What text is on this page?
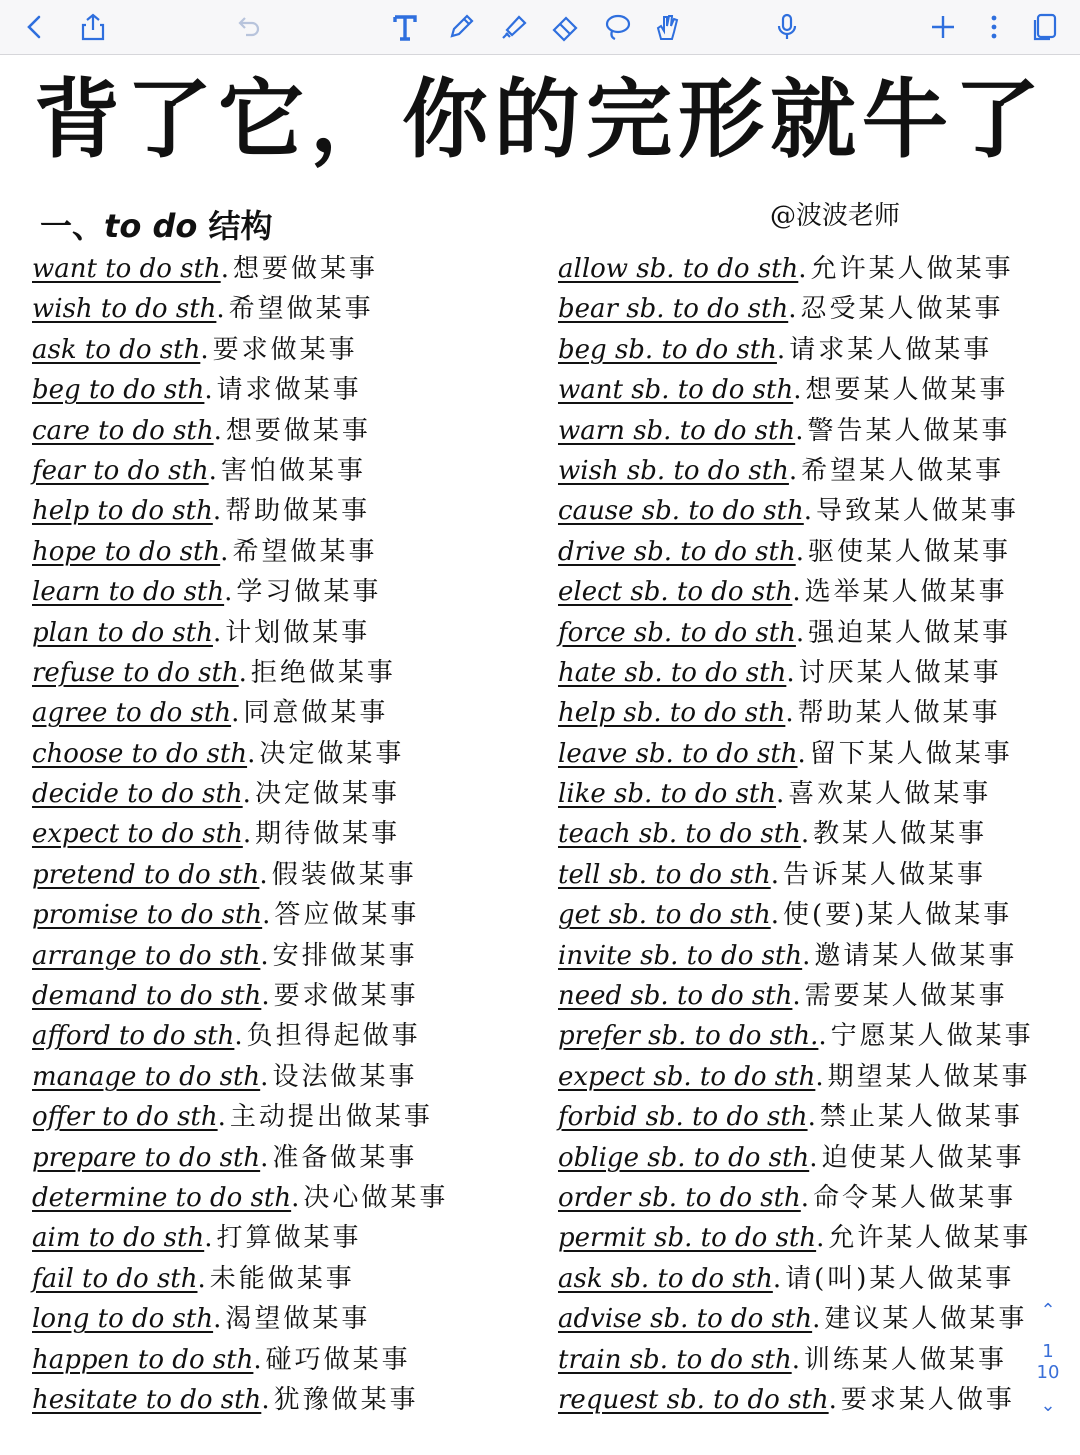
背了它，你的完形就牛了
一、to do 结构	@波波老师
want to do sth . 想要做某事
wish to do sth . 希望做某事
ask to do sth . 要求做某事
beg to do sth . 请求做某事
care to do sth . 想要做某事
fear to do sth . 害怕做某事
help to do sth . 帮助做某事
hope to do sth . 希望做某事
learn to do sth . 学习做某事
plan to do sth . 计划做某事
refuse to do sth . 拒绝做某事
agree to do sth . 同意做某事
choose to do sth . 决定做某事
decide to do sth . 决定做某事
expect to do sth . 期待做某事
pretend to do sth . 假装做某事
promise to do sth . 答应做某事
arrange to do sth . 安排做某事
demand to do sth . 要求做某事
afford to do sth . 负担得起做事
manage to do sth . 设法做某事
offer to do sth . 主动提出做某事
prepare to do sth . 准备做某事
determine to do sth . 决心做某事
aim to do sth . 打算做某事
fail to do sth . 未能做某事
long to do sth . 渴望做某事
happen to do sth . 碰巧做某事
hesitate to do sth . 犹豫做某事
allow sb. to do sth . 允许某人做某事
bear sb. to do sth . 忍受某人做某事
beg sb. to do sth . 请求某人做某事
want sb. to do sth . 想要某人做某事
warn sb. to do sth . 警告某人做某事
wish sb. to do sth . 希望某人做某事
cause sb. to do sth . 导致某人做某事
drive sb. to do sth . 驱使某人做某事
elect sb. to do sth . 选举某人做某事
force sb. to do sth . 强迫某人做某事
hate sb. to do sth . 讨厌某人做某事
help sb. to do sth . 帮助某人做某事
leave sb. to do sth . 留下某人做某事
like sb. to do sth . 喜欢某人做某事
teach sb. to do sth . 教某人做某事
tell sb. to do sth . 告诉某人做某事
get sb. to do sth . 使(要)某人做某事
invite sb. to do sth . 邀请某人做某事
need sb. to do sth . 需要某人做某事
prefer sb. to do sth. . 宁愿某人做某事
expect sb. to do sth . 期望某人做某事
forbid sb. to do sth . 禁止某人做某事
oblige sb. to do sth . 迫使某人做某事
order sb. to do sth . 命令某人做某事
permit sb. to do sth . 允许某人做某事
ask sb. to do sth . 请(叫)某人做某事
advise sb. to do sth . 建议某人做某事
train sb. to do sth . 训练某人做某事
request sb. to do sth . 要求某人做事
⌃
1
10
⌄
